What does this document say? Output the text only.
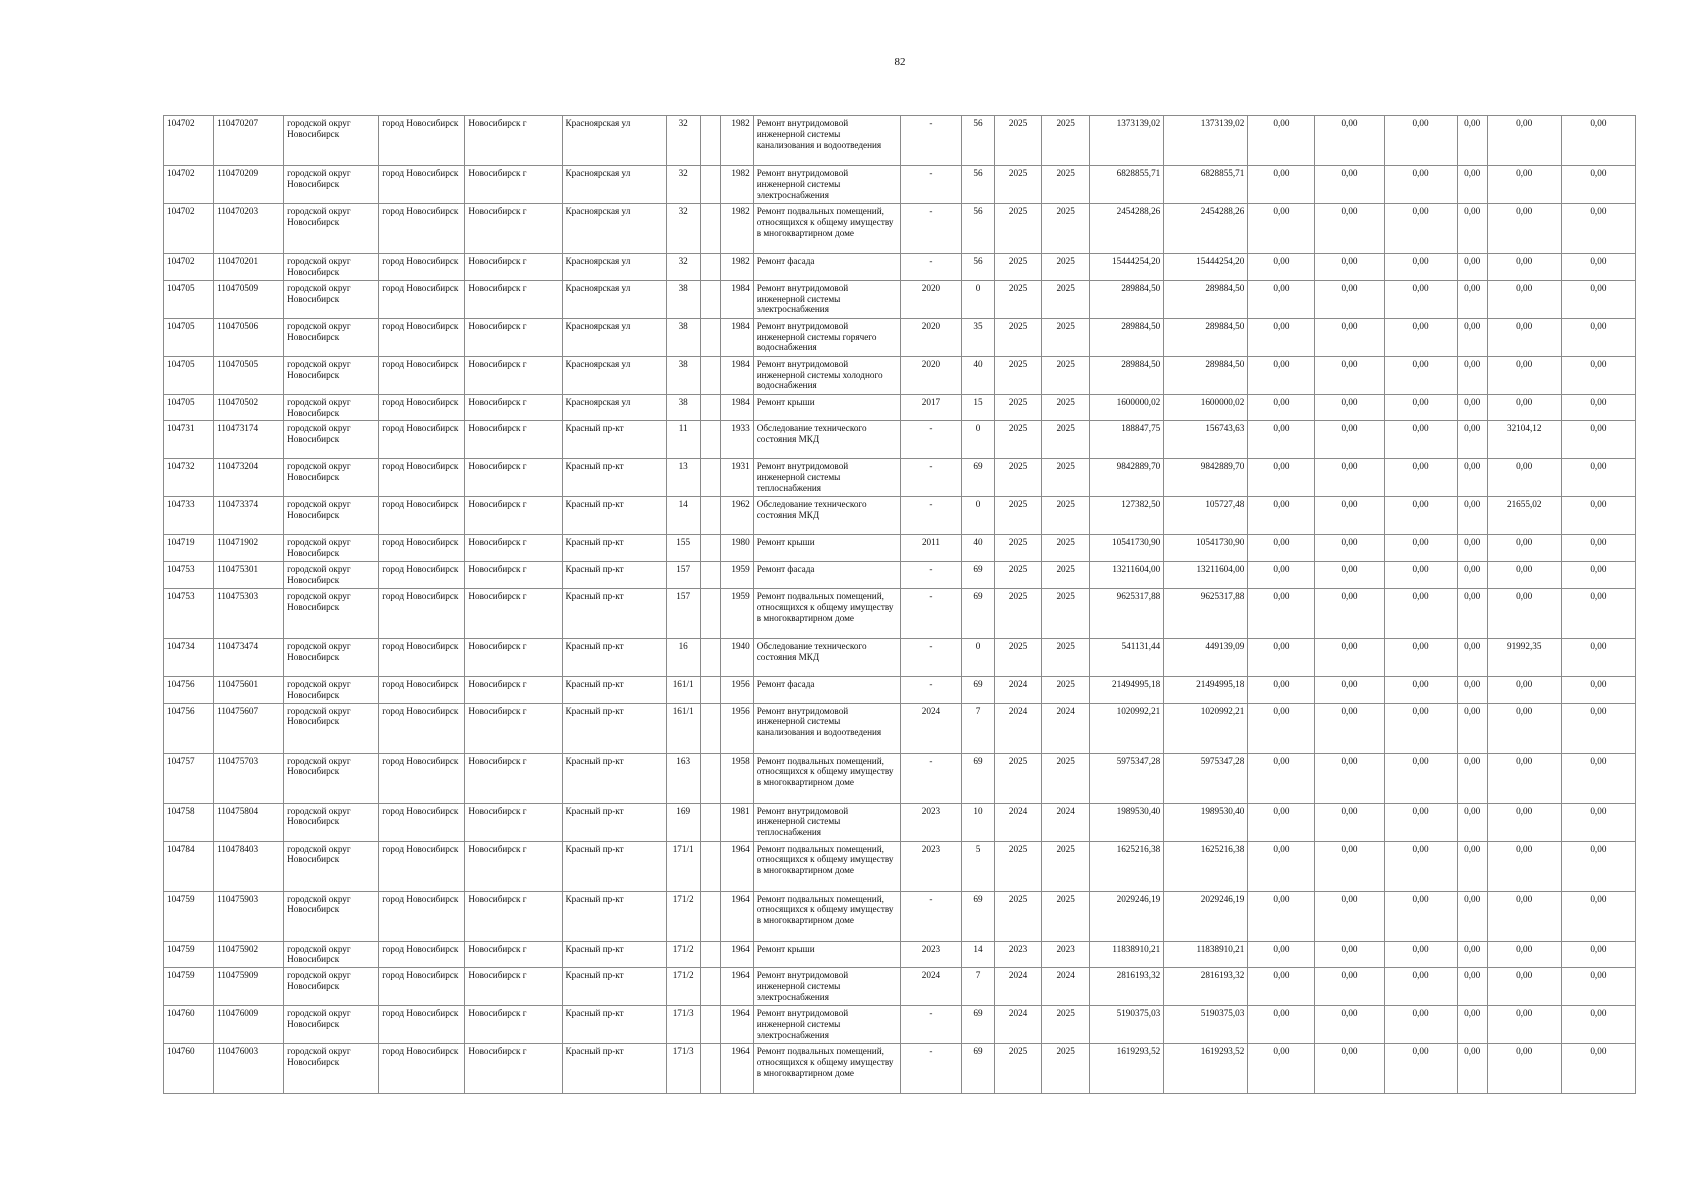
82
104702	110470207	городской округ Новосибирск	город Новосибирск	Новосибирск г	Красноярская ул	32		1982	Ремонт внутридомовой инженерной системы канализования и водоотведения	-	56	2025	2025	1373139,02	1373139,02	0,00	0,00	0,00	0,00	0,00	0,00
104702	110470209	городской округ Новосибирск	город Новосибирск	Новосибирск г	Красноярская ул	32		1982	Ремонт внутридомовой инженерной системы электроснабжения	-	56	2025	2025	6828855,71	6828855,71	0,00	0,00	0,00	0,00	0,00	0,00
104702	110470203	городской округ Новосибирск	город Новосибирск	Новосибирск г	Красноярская ул	32		1982	Ремонт подвальных помещений, относящихся к общему имуществу в многоквартирном доме	-	56	2025	2025	2454288,26	2454288,26	0,00	0,00	0,00	0,00	0,00	0,00
104702	110470201	городской округ Новосибирск	город Новосибирск	Новосибирск г	Красноярская ул	32		1982	Ремонт фасада	-	56	2025	2025	15444254,20	15444254,20	0,00	0,00	0,00	0,00	0,00	0,00
104705	110470509	городской округ Новосибирск	город Новосибирск	Новосибирск г	Красноярская ул	38		1984	Ремонт внутридомовой инженерной системы электроснабжения	2020	0	2025	2025	289884,50	289884,50	0,00	0,00	0,00	0,00	0,00	0,00
104705	110470506	городской округ Новосибирск	город Новосибирск	Новосибирск г	Красноярская ул	38		1984	Ремонт внутридомовой инженерной системы горячего водоснабжения	2020	35	2025	2025	289884,50	289884,50	0,00	0,00	0,00	0,00	0,00	0,00
104705	110470505	городской округ Новосибирск	город Новосибирск	Новосибирск г	Красноярская ул	38		1984	Ремонт внутридомовой инженерной системы холодного водоснабжения	2020	40	2025	2025	289884,50	289884,50	0,00	0,00	0,00	0,00	0,00	0,00
104705	110470502	городской округ Новосибирск	город Новосибирск	Новосибирск г	Красноярская ул	38		1984	Ремонт крыши	2017	15	2025	2025	1600000,02	1600000,02	0,00	0,00	0,00	0,00	0,00	0,00
104731	110473174	городской округ Новосибирск	город Новосибирск	Новосибирск г	Красный пр-кт	11		1933	Обследование технического состояния МКД	-	0	2025	2025	188847,75	156743,63	0,00	0,00	0,00	0,00	32104,12	0,00
104732	110473204	городской округ Новосибирск	город Новосибирск	Новосибирск г	Красный пр-кт	13		1931	Ремонт внутридомовой инженерной системы теплоснабжения	-	69	2025	2025	9842889,70	9842889,70	0,00	0,00	0,00	0,00	0,00	0,00
104733	110473374	городской округ Новосибирск	город Новосибирск	Новосибирск г	Красный пр-кт	14		1962	Обследование технического состояния МКД	-	0	2025	2025	127382,50	105727,48	0,00	0,00	0,00	0,00	21655,02	0,00
104719	110471902	городской округ Новосибирск	город Новосибирск	Новосибирск г	Красный пр-кт	155		1980	Ремонт крыши	2011	40	2025	2025	10541730,90	10541730,90	0,00	0,00	0,00	0,00	0,00	0,00
104753	110475301	городской округ Новосибирск	город Новосибирск	Новосибирск г	Красный пр-кт	157		1959	Ремонт фасада	-	69	2025	2025	13211604,00	13211604,00	0,00	0,00	0,00	0,00	0,00	0,00
104753	110475303	городской округ Новосибирск	город Новосибирск	Новосибирск г	Красный пр-кт	157		1959	Ремонт подвальных помещений, относящихся к общему имуществу в многоквартирном доме	-	69	2025	2025	9625317,88	9625317,88	0,00	0,00	0,00	0,00	0,00	0,00
104734	110473474	городской округ Новосибирск	город Новосибирск	Новосибирск г	Красный пр-кт	16		1940	Обследование технического состояния МКД	-	0	2025	2025	541131,44	449139,09	0,00	0,00	0,00	0,00	91992,35	0,00
104756	110475601	городской округ Новосибирск	город Новосибирск	Новосибирск г	Красный пр-кт	161/1		1956	Ремонт фасада	-	69	2024	2025	21494995,18	21494995,18	0,00	0,00	0,00	0,00	0,00	0,00
104756	110475607	городской округ Новосибирск	город Новосибирск	Новосибирск г	Красный пр-кт	161/1		1956	Ремонт внутридомовой инженерной системы канализования и водоотведения	2024	7	2024	2024	1020992,21	1020992,21	0,00	0,00	0,00	0,00	0,00	0,00
104757	110475703	городской округ Новосибирск	город Новосибирск	Новосибирск г	Красный пр-кт	163		1958	Ремонт подвальных помещений, относящихся к общему имуществу в многоквартирном доме	-	69	2025	2025	5975347,28	5975347,28	0,00	0,00	0,00	0,00	0,00	0,00
104758	110475804	городской округ Новосибирск	город Новосибирск	Новосибирск г	Красный пр-кт	169		1981	Ремонт внутридомовой инженерной системы теплоснабжения	2023	10	2024	2024	1989530,40	1989530,40	0,00	0,00	0,00	0,00	0,00	0,00
104784	110478403	городской округ Новосибирск	город Новосибирск	Новосибирск г	Красный пр-кт	171/1		1964	Ремонт подвальных помещений, относящихся к общему имуществу в многоквартирном доме	2023	5	2025	2025	1625216,38	1625216,38	0,00	0,00	0,00	0,00	0,00	0,00
104759	110475903	городской округ Новосибирск	город Новосибирск	Новосибирск г	Красный пр-кт	171/2		1964	Ремонт подвальных помещений, относящихся к общему имуществу в многоквартирном доме	-	69	2025	2025	2029246,19	2029246,19	0,00	0,00	0,00	0,00	0,00	0,00
104759	110475902	городской округ Новосибирск	город Новосибирск	Новосибирск г	Красный пр-кт	171/2		1964	Ремонт крыши	2023	14	2023	2023	11838910,21	11838910,21	0,00	0,00	0,00	0,00	0,00	0,00
104759	110475909	городской округ Новосибирск	город Новосибирск	Новосибирск г	Красный пр-кт	171/2		1964	Ремонт внутридомовой инженерной системы электроснабжения	2024	7	2024	2024	2816193,32	2816193,32	0,00	0,00	0,00	0,00	0,00	0,00
104760	110476009	городской округ Новосибирск	город Новосибирск	Новосибирск г	Красный пр-кт	171/3		1964	Ремонт внутридомовой инженерной системы электроснабжения	-	69	2024	2025	5190375,03	5190375,03	0,00	0,00	0,00	0,00	0,00	0,00
104760	110476003	городской округ Новосибирск	город Новосибирск	Новосибирск г	Красный пр-кт	171/3		1964	Ремонт подвальных помещений, относящихся к общему имуществу в многоквартирном доме	-	69	2025	2025	1619293,52	1619293,52	0,00	0,00	0,00	0,00	0,00	0,00
